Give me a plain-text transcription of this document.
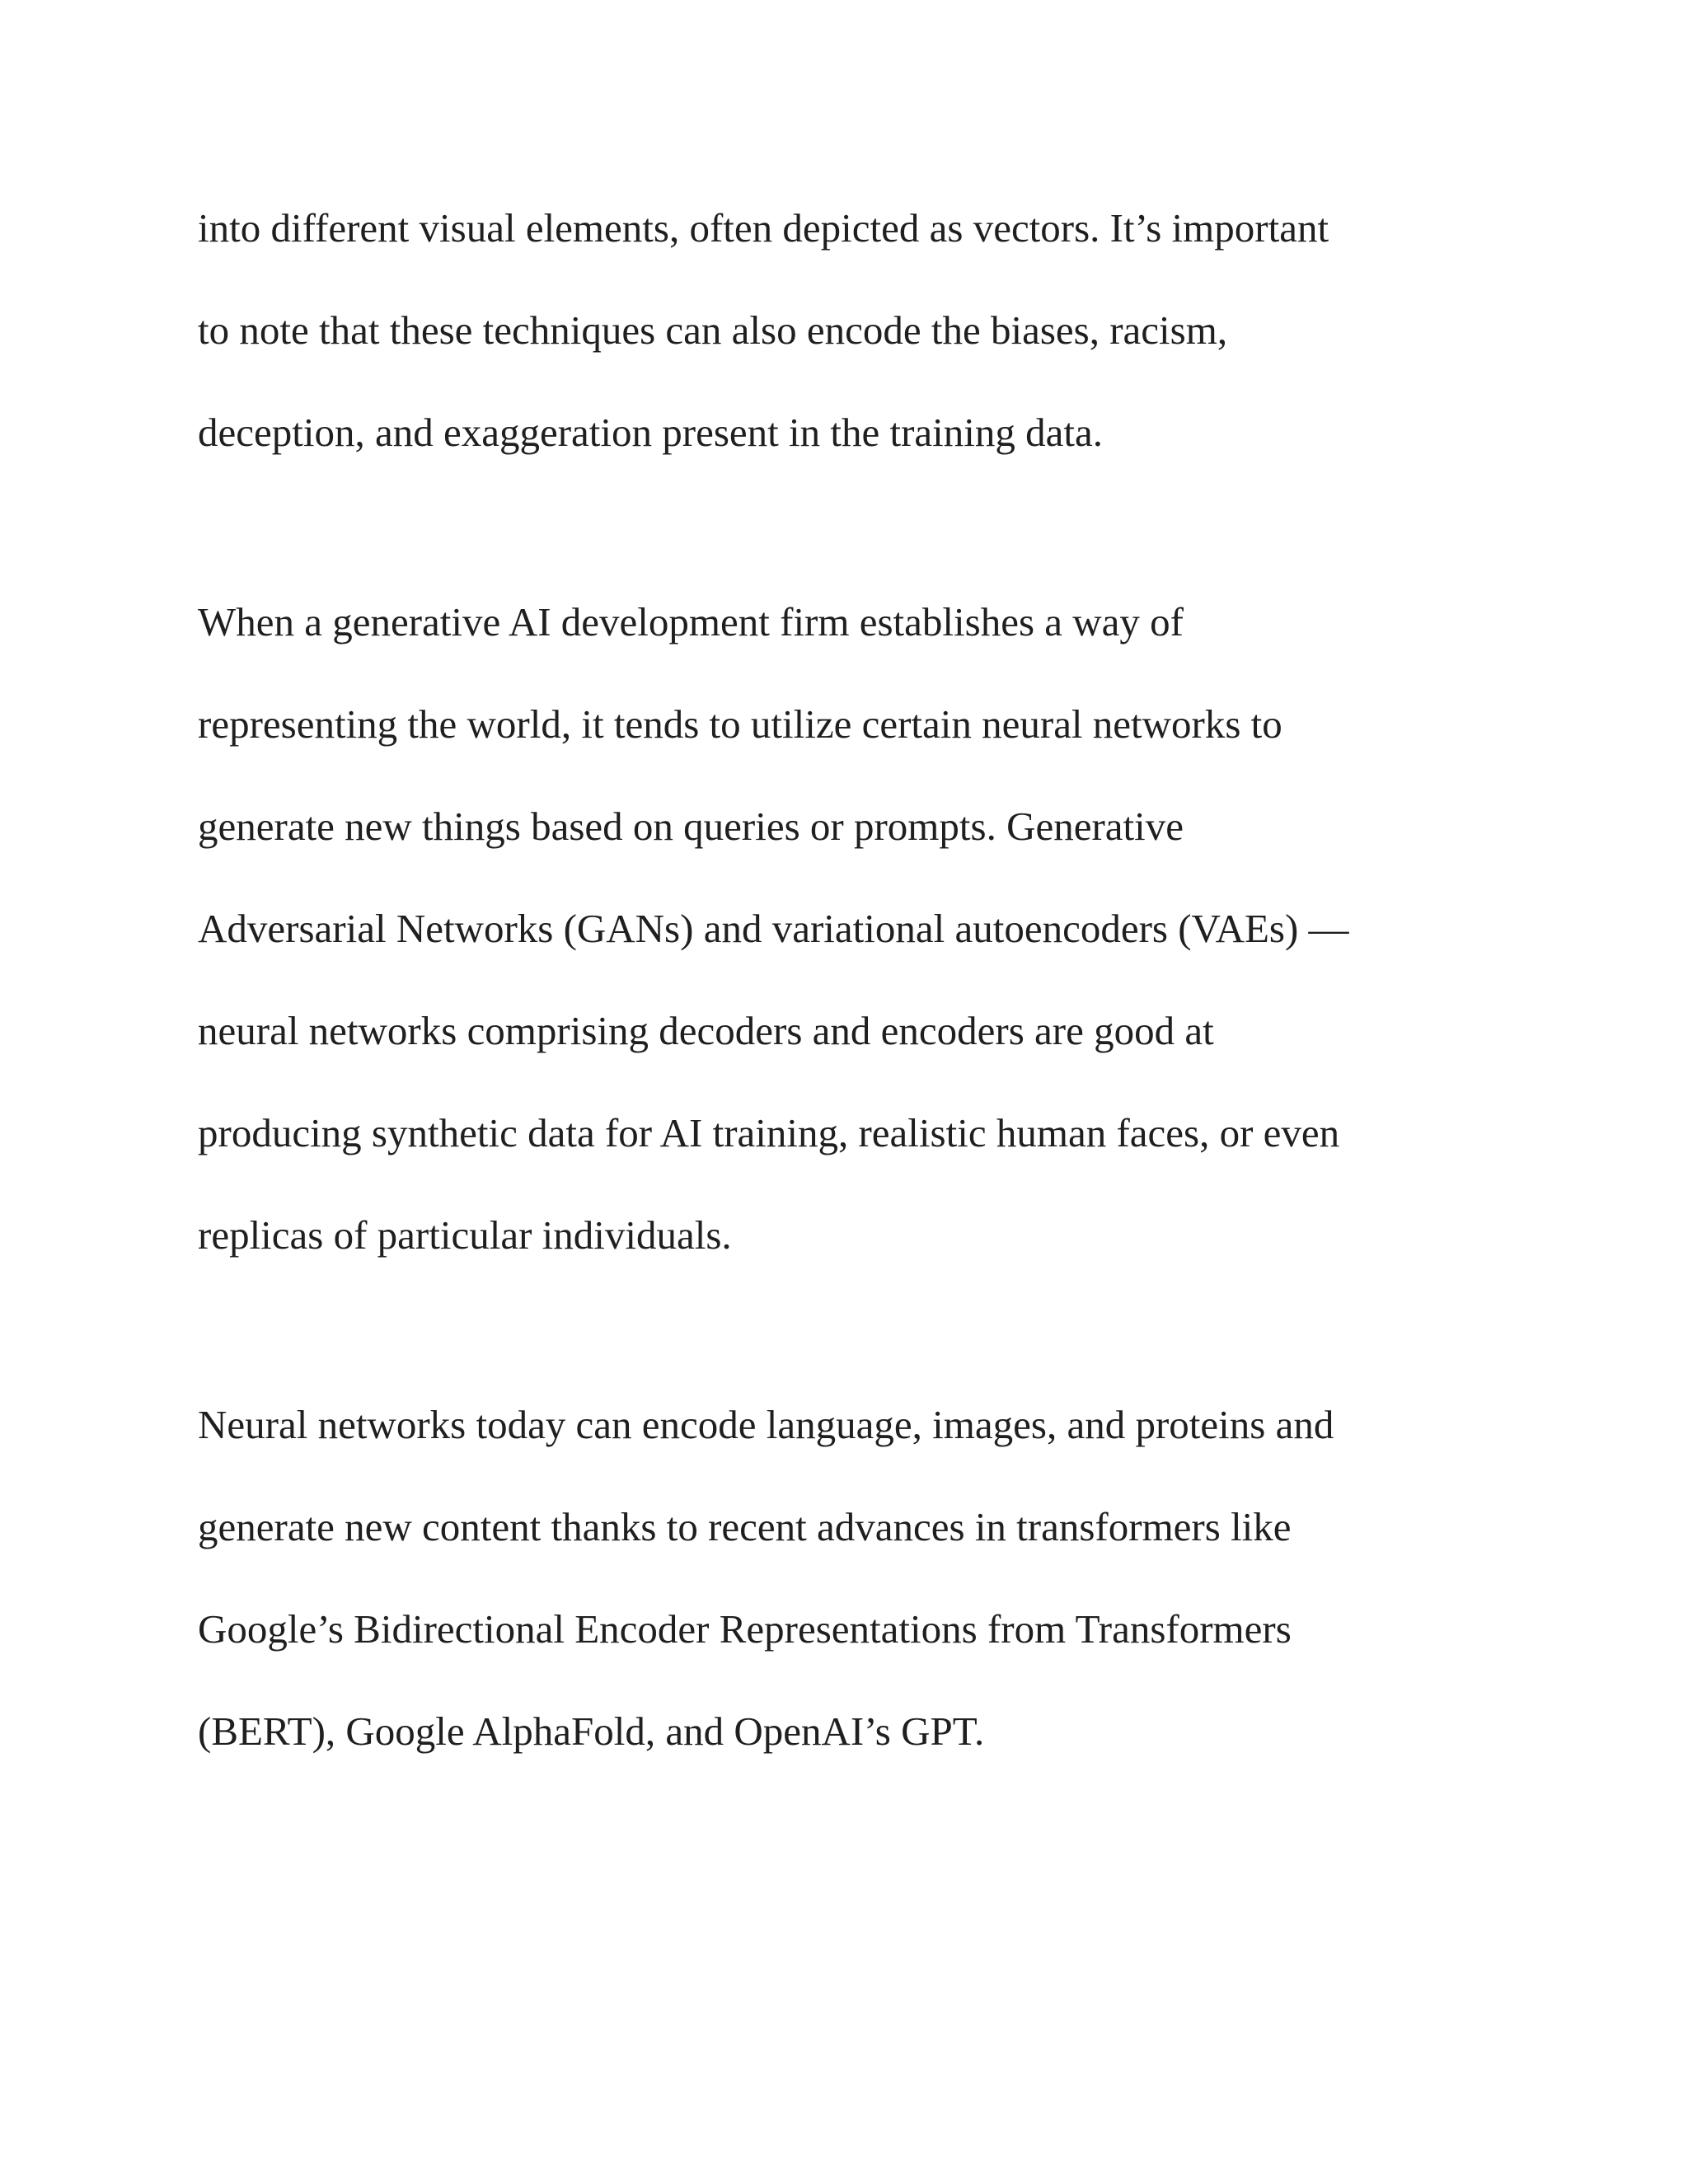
into different visual elements, often depicted as vectors. It’s important
to note that these techniques can also encode the biases, racism,
deception, and exaggeration present in the training data.
When a generative AI development firm establishes a way of
representing the world, it tends to utilize certain neural networks to
generate new things based on queries or prompts. Generative
Adversarial Networks (GANs) and variational autoencoders (VAEs) —
neural networks comprising decoders and encoders are good at
producing synthetic data for AI training, realistic human faces, or even
replicas of particular individuals.
Neural networks today can encode language, images, and proteins and
generate new content thanks to recent advances in transformers like
Google’s Bidirectional Encoder Representations from Transformers
(BERT), Google AlphaFold, and OpenAI’s GPT.
